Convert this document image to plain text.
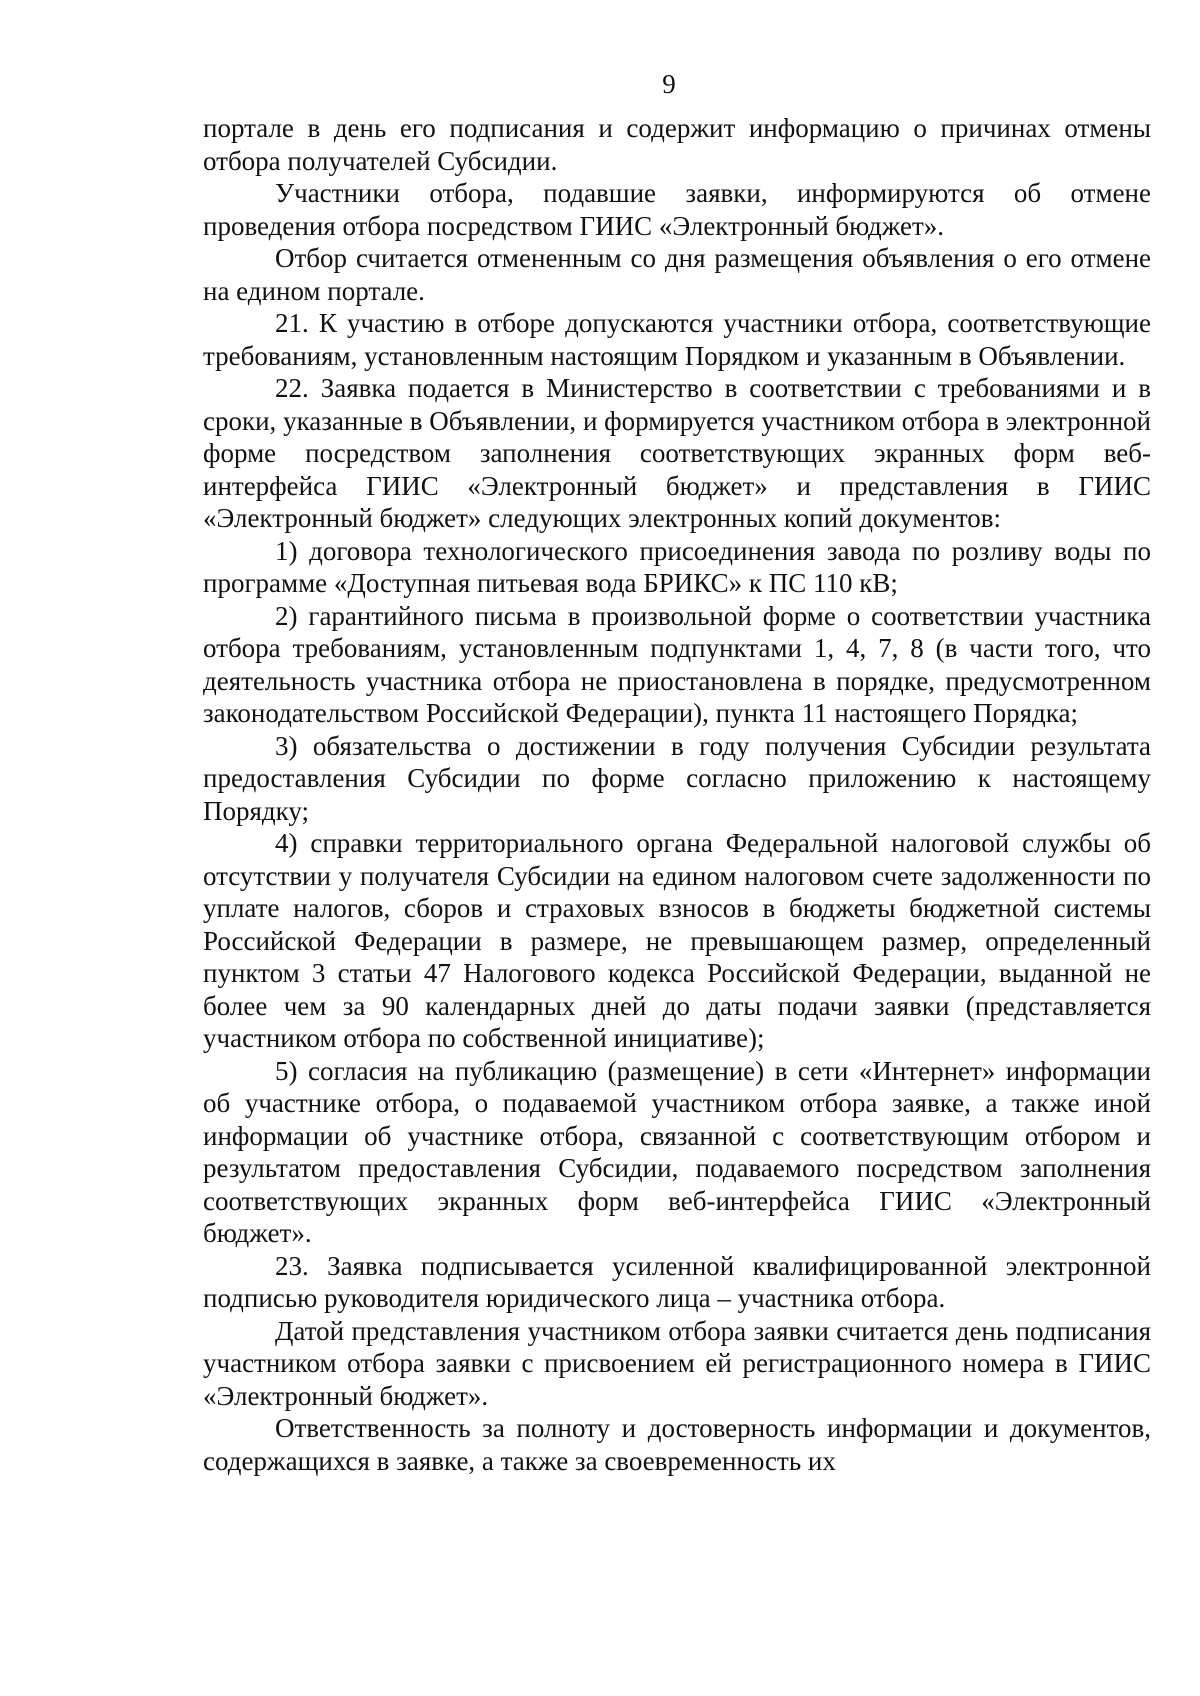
9

портале в день его подписания и содержит информацию о причинах отмены отбора получателей Субсидии.

Участники отбора, подавшие заявки, информируются об отмене проведения отбора посредством ГИИС «Электронный бюджет».

Отбор считается отмененным со дня размещения объявления о его отмене на едином портале.

21. К участию в отборе допускаются участники отбора, соответствующие требованиям, установленным настоящим Порядком и указанным в Объявлении.

22. Заявка подается в Министерство в соответствии с требованиями и в сроки, указанные в Объявлении, и формируется участником отбора в электронной форме посредством заполнения соответствующих экранных форм веб-интерфейса ГИИС «Электронный бюджет» и представления в ГИИС «Электронный бюджет» следующих электронных копий документов:

1) договора технологического присоединения завода по розливу воды по программе «Доступная питьевая вода БРИКС» к ПС 110 кВ;

2) гарантийного письма в произвольной форме о соответствии участника отбора требованиям, установленным подпунктами 1, 4, 7, 8 (в части того, что деятельность участника отбора не приостановлена в порядке, предусмотренном законодательством Российской Федерации), пункта 11 настоящего Порядка;

3) обязательства о достижении в году получения Субсидии результата предоставления Субсидии по форме согласно приложению к настоящему Порядку;

4) справки территориального органа Федеральной налоговой службы об отсутствии у получателя Субсидии на едином налоговом счете задолженности по уплате налогов, сборов и страховых взносов в бюджеты бюджетной системы Российской Федерации в размере, не превышающем размер, определенный пунктом 3 статьи 47 Налогового кодекса Российской Федерации, выданной не более чем за 90 календарных дней до даты подачи заявки (представляется участником отбора по собственной инициативе);

5) согласия на публикацию (размещение) в сети «Интернет» информации об участнике отбора, о подаваемой участником отбора заявке, а также иной информации об участнике отбора, связанной с соответствующим отбором и результатом предоставления Субсидии, подаваемого посредством заполнения соответствующих экранных форм веб-интерфейса ГИИС «Электронный бюджет».

23. Заявка подписывается усиленной квалифицированной электронной подписью руководителя юридического лица – участника отбора.

Датой представления участником отбора заявки считается день подписания участником отбора заявки с присвоением ей регистрационного номера в ГИИС «Электронный бюджет».

Ответственность за полноту и достоверность информации и документов, содержащихся в заявке, а также за своевременность их
